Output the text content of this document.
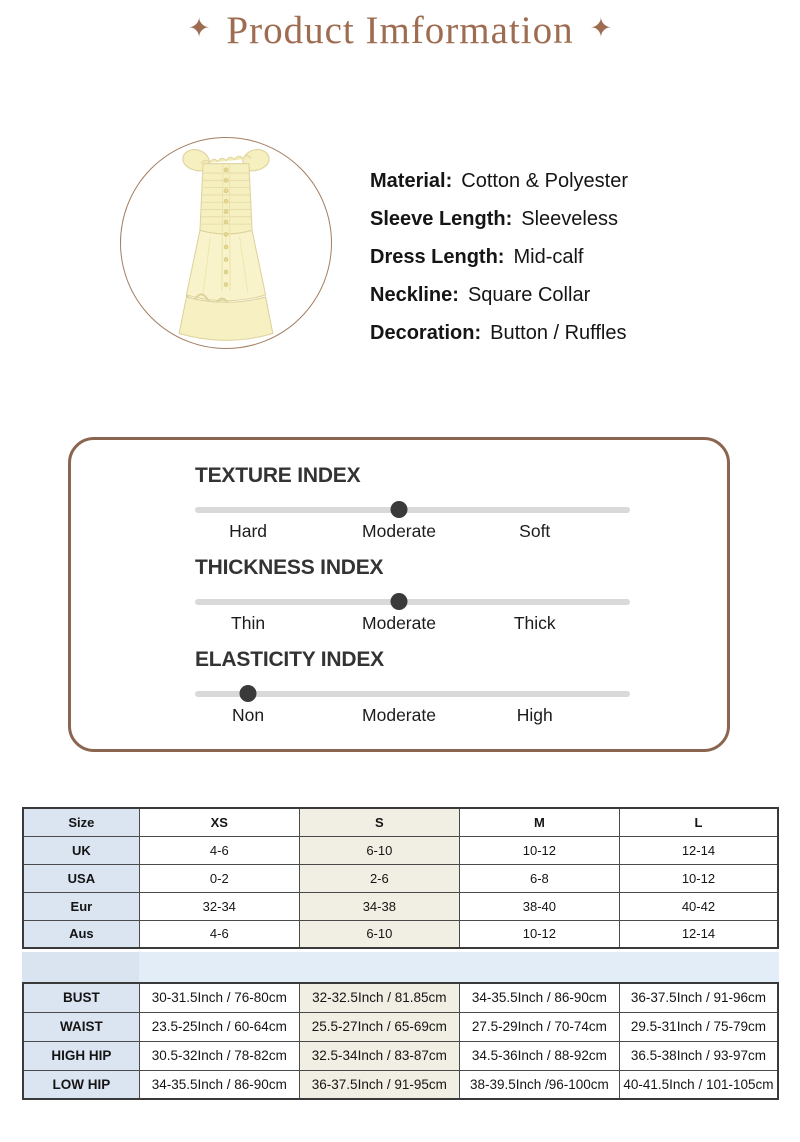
✦ Product Imformation ✦
Material: Cotton & Polyester
Sleeve Length: Sleeveless
Dress Length: Mid-calf
Neckline: Square Collar
Decoration: Button / Ruffles
TEXTURE INDEX
Hard	Moderate	Soft
THICKNESS INDEX
Thin	Moderate	Thick
ELASTICITY INDEX
Non	Moderate	High
Size	XS	S	M	L
UK	4-6	6-10	10-12	12-14
USA	0-2	2-6	6-8	10-12
Eur	32-34	34-38	38-40	40-42
Aus	4-6	6-10	10-12	12-14
BUST	30-31.5Inch / 76-80cm	32-32.5Inch / 81.85cm	34-35.5Inch / 86-90cm	36-37.5Inch / 91-96cm
WAIST	23.5-25Inch / 60-64cm	25.5-27Inch / 65-69cm	27.5-29Inch / 70-74cm	29.5-31Inch / 75-79cm
HIGH HIP	30.5-32Inch / 78-82cm	32.5-34Inch / 83-87cm	34.5-36Inch / 88-92cm	36.5-38Inch / 93-97cm
LOW HIP	34-35.5Inch / 86-90cm	36-37.5Inch / 91-95cm	38-39.5Inch /96-100cm	40-41.5Inch / 101-105cm
